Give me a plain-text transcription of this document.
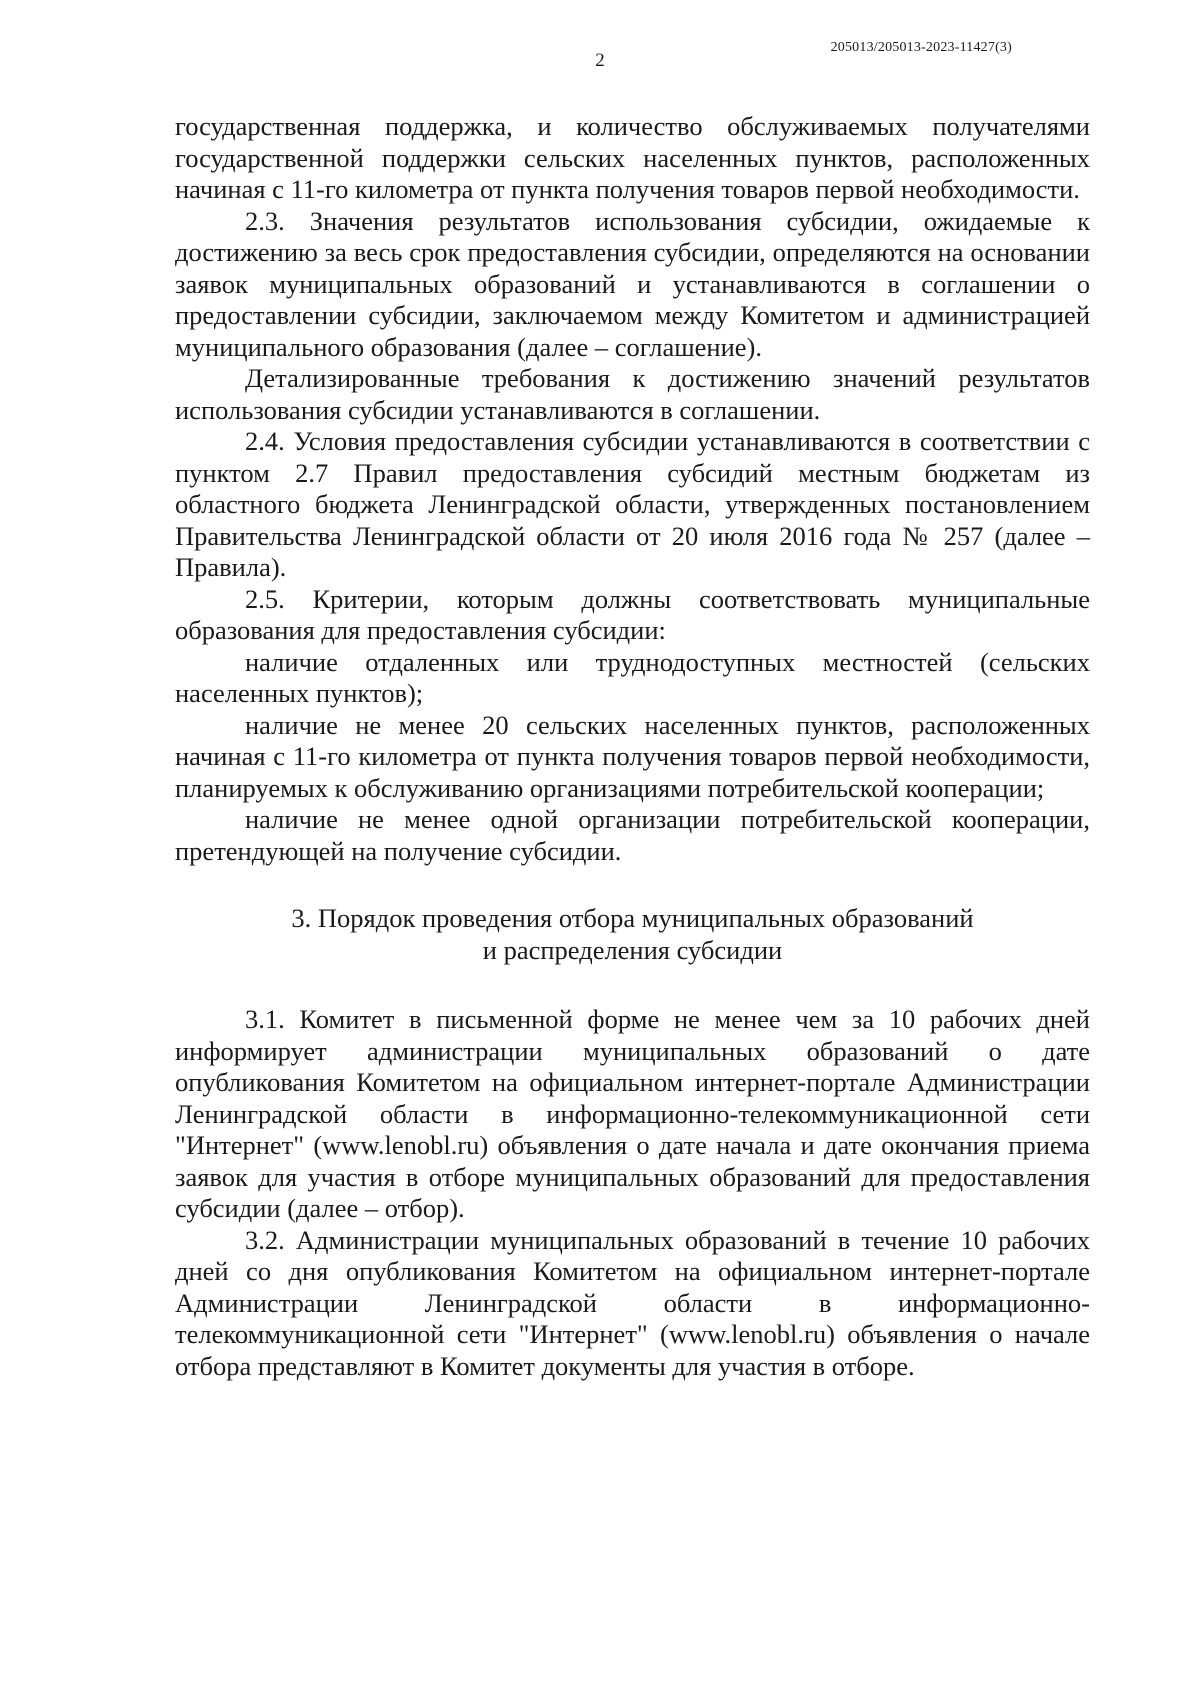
205013/205013-2023-11427(3)
2

государственная поддержка, и количество обслуживаемых получателями государственной поддержки сельских населенных пунктов, расположенных начиная с 11-го километра от пункта получения товаров первой необходимости.

2.3. Значения результатов использования субсидии, ожидаемые к достижению за весь срок предоставления субсидии, определяются на основании заявок муниципальных образований и устанавливаются в соглашении о предоставлении субсидии, заключаемом между Комитетом и администрацией муниципального образования (далее – соглашение).

Детализированные требования к достижению значений результатов использования субсидии устанавливаются в соглашении.

2.4. Условия предоставления субсидии устанавливаются в соответствии с пунктом 2.7 Правил предоставления субсидий местным бюджетам из областного бюджета Ленинградской области, утвержденных постановлением Правительства Ленинградской области от 20 июля 2016 года № 257 (далее – Правила).

2.5. Критерии, которым должны соответствовать муниципальные образования для предоставления субсидии:

наличие отдаленных или труднодоступных местностей (сельских населенных пунктов);

наличие не менее 20 сельских населенных пунктов, расположенных начиная с 11-го километра от пункта получения товаров первой необходимости, планируемых к обслуживанию организациями потребительской кооперации;

наличие не менее одной организации потребительской кооперации, претендующей на получение субсидии.

3. Порядок проведения отбора муниципальных образований
и распределения субсидии

3.1. Комитет в письменной форме не менее чем за 10 рабочих дней информирует администрации муниципальных образований о дате опубликования Комитетом на официальном интернет-портале Администрации Ленинградской области в информационно-телекоммуникационной сети "Интернет" (www.lenobl.ru) объявления о дате начала и дате окончания приема заявок для участия в отборе муниципальных образований для предоставления субсидии (далее – отбор).

3.2. Администрации муниципальных образований в течение 10 рабочих дней со дня опубликования Комитетом на официальном интернет-портале Администрации Ленинградской области в информационно-телекоммуникационной сети "Интернет" (www.lenobl.ru) объявления о начале отбора представляют в Комитет документы для участия в отборе.
